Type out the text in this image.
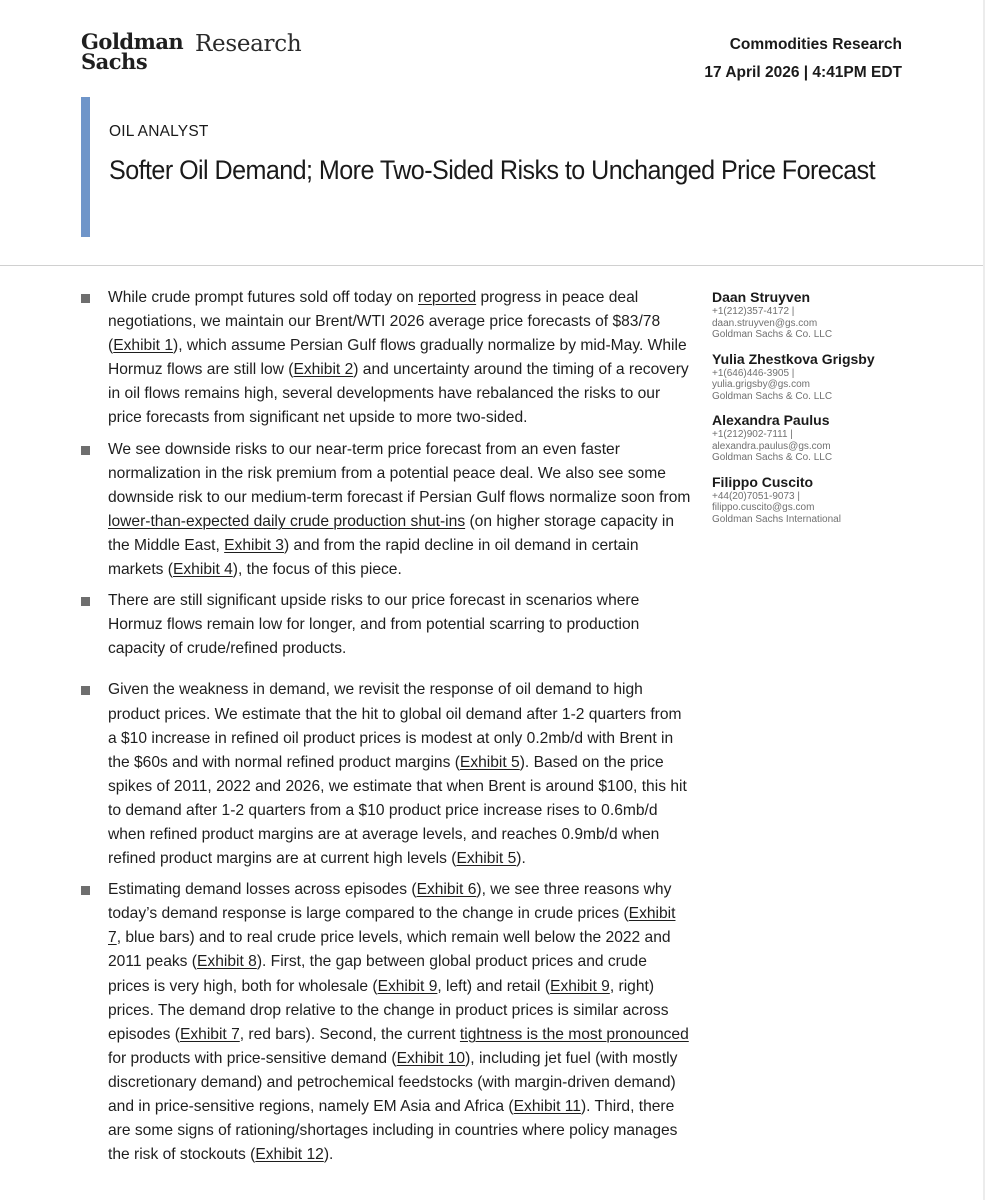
Goldman
Sachs
Research	Commodities Research
17 April 2026 | 4:41PM EDT
OIL ANALYST
Softer Oil Demand; More Two-Sided Risks to Unchanged Price Forecast
While crude prompt futures sold off today on reported progress in peace deal negotiations, we maintain our Brent/WTI 2026 average price forecasts of $83/78 (Exhibit 1), which assume Persian Gulf flows gradually normalize by mid-May. While Hormuz flows are still low (Exhibit 2) and uncertainty around the timing of a recovery in oil flows remains high, several developments have rebalanced the risks to our price forecasts from significant net upside to more two-sided.
We see downside risks to our near-term price forecast from an even faster normalization in the risk premium from a potential peace deal. We also see some downside risk to our medium-term forecast if Persian Gulf flows normalize soon from lower-than-expected daily crude production shut-ins (on higher storage capacity in the Middle East, Exhibit 3) and from the rapid decline in oil demand in certain markets (Exhibit 4), the focus of this piece.
There are still significant upside risks to our price forecast in scenarios where Hormuz flows remain low for longer, and from potential scarring to production capacity of crude/refined products.
Given the weakness in demand, we revisit the response of oil demand to high product prices. We estimate that the hit to global oil demand after 1-2 quarters from a $10 increase in refined oil product prices is modest at only 0.2mb/d with Brent in the $60s and with normal refined product margins (Exhibit 5). Based on the price spikes of 2011, 2022 and 2026, we estimate that when Brent is around $100, this hit to demand after 1-2 quarters from a $10 product price increase rises to 0.6mb/d when refined product margins are at average levels, and reaches 0.9mb/d when refined product margins are at current high levels (Exhibit 5).
Estimating demand losses across episodes (Exhibit 6), we see three reasons why today’s demand response is large compared to the change in crude prices (Exhibit 7, blue bars) and to real crude price levels, which remain well below the 2022 and 2011 peaks (Exhibit 8). First, the gap between global product prices and crude prices is very high, both for wholesale (Exhibit 9, left) and retail (Exhibit 9, right) prices. The demand drop relative to the change in product prices is similar across episodes (Exhibit 7, red bars). Second, the current tightness is the most pronounced for products with price-sensitive demand (Exhibit 10), including jet fuel (with mostly discretionary demand) and petrochemical feedstocks (with margin-driven demand) and in price-sensitive regions, namely EM Asia and Africa (Exhibit 11). Third, there are some signs of rationing/shortages including in countries where policy manages the risk of stockouts (Exhibit 12).
Daan Struyven
+1(212)357-4172 |
daan.struyven@gs.com
Goldman Sachs & Co. LLC
Yulia Zhestkova Grigsby
+1(646)446-3905 |
yulia.grigsby@gs.com
Goldman Sachs & Co. LLC
Alexandra Paulus
+1(212)902-7111 |
alexandra.paulus@gs.com
Goldman Sachs & Co. LLC
Filippo Cuscito
+44(20)7051-9073 |
filippo.cuscito@gs.com
Goldman Sachs International
